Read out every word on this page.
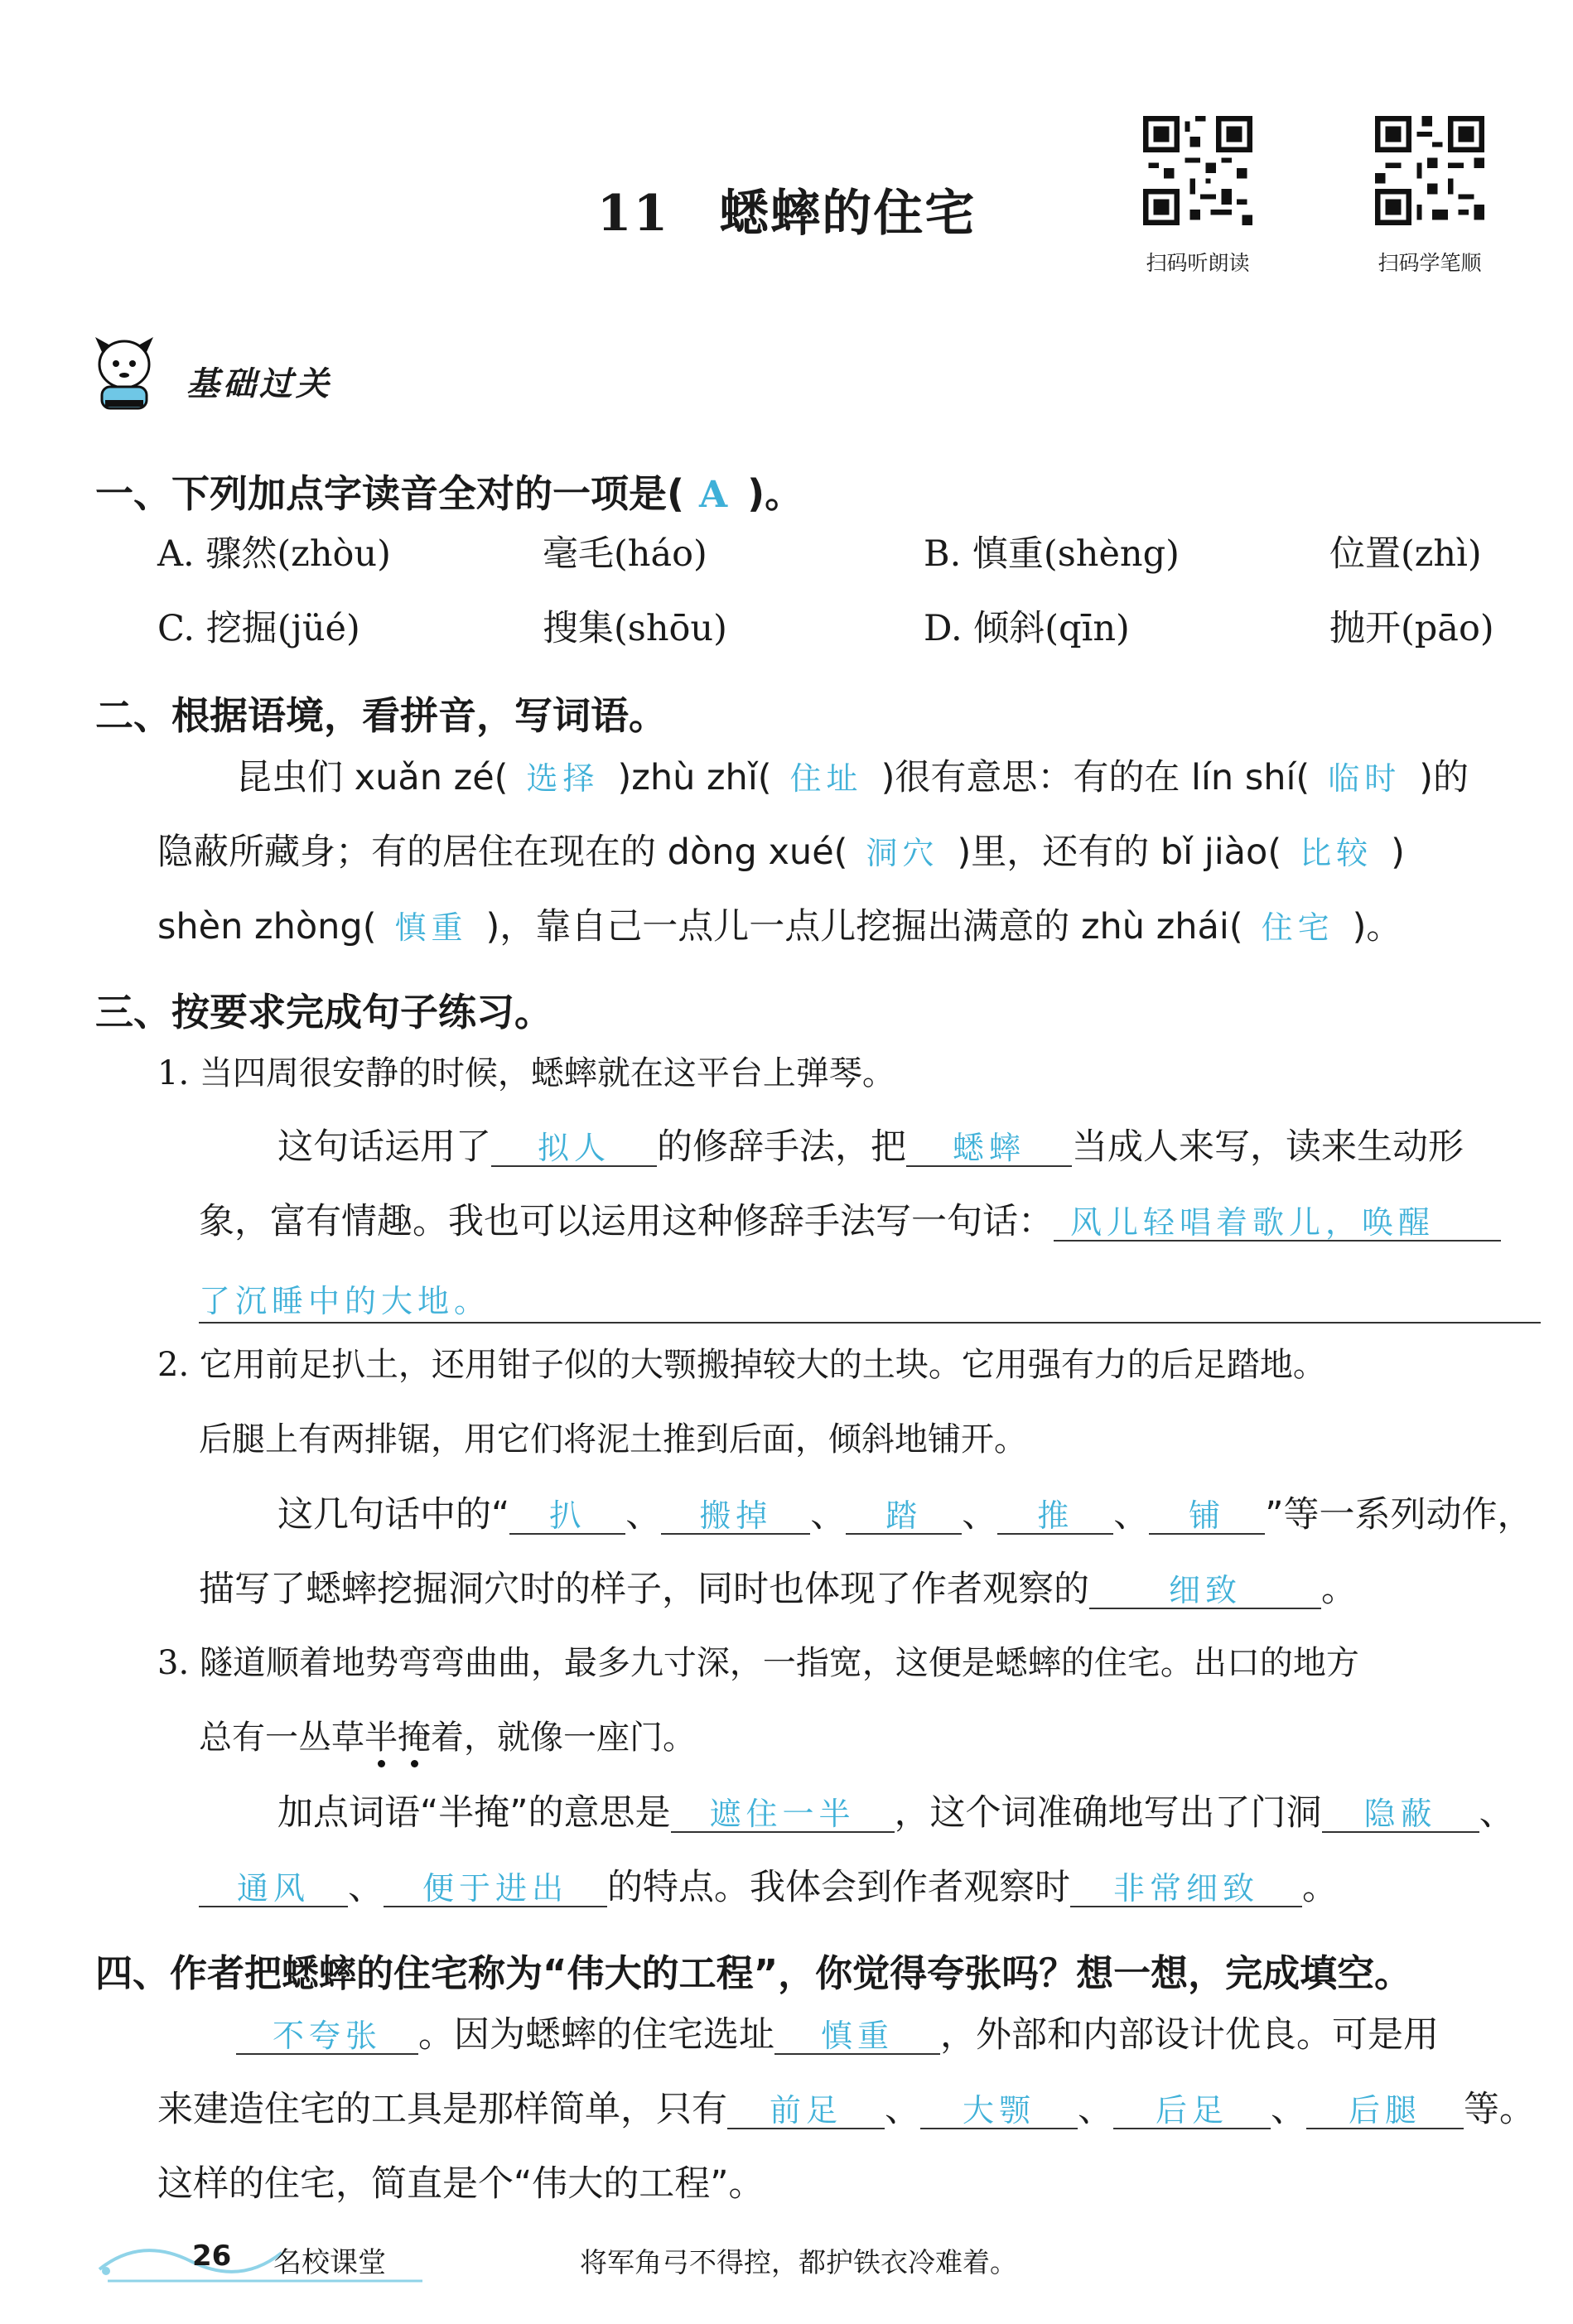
11 蟋蟀的住宅
扫码听朗读	扫码学笔顺
基础过关
一、下列加点字读音全对的一项是( A )。
A. 骤然(zhòu)	毫毛(háo)	B. 慎重(shèng)	位置(zhì)
C. 挖掘(jüé)	搜集(shōu)	D. 倾斜(qīn)	抛开(pāo)
二、根据语境，看拼音，写词语。
昆虫们 xuǎn zé( 选择 )zhù zhǐ( 住址 )很有意思：有的在 lín shí( 临时 )的
隐蔽所藏身；有的居住在现在的 dòng xué( 洞穴 )里，还有的 bǐ jiào( 比较 )
shèn zhòng( 慎重 )，靠自己一点儿一点儿挖掘出满意的 zhù zhái( 住宅 )。
三、按要求完成句子练习。
1. 当四周很安静的时候，蟋蟀就在这平台上弹琴。
这句话运用了 拟人 的修辞手法，把 蟋蟀 当成人来写，读来生动形
象，富有情趣。我也可以运用这种修辞手法写一句话： 风儿轻唱着歌儿，唤醒
了沉睡中的大地。
2. 它用前足扒土，还用钳子似的大颚搬掉较大的土块。它用强有力的后足踏地。
后腿上有两排锯，用它们将泥土推到后面，倾斜地铺开。
这几句话中的“ 扒 、 搬掉 、 踏 、 推 、 铺 ”等一系列动作，
描写了蟋蟀挖掘洞穴时的样子，同时也体现了作者观察的	细致 。
3. 隧道顺着地势弯弯曲曲，最多九寸深，一指宽，这便是蟋蟀的住宅。出口的地方
总有一丛草半掩着，就像一座门。
加点词语“半掩”的意思是 遮住一半 ，这个词准确地写出了门洞 隐蔽 、
通风 、 便于进出 的特点。我体会到作者观察时 非常细致 。
四、作者把蟋蟀的住宅称为“伟大的工程”，你觉得夸张吗？想一想，完成填空。
不夸张 。因为蟋蟀的住宅选址 慎重 ，外部和内部设计优良。可是用
来建造住宅的工具是那样简单，只有 前足 、 大颚 、 后足 、 后腿 等。
这样的住宅，简直是个“伟大的工程”。
26 名校课堂	将军角弓不得控，都护铁衣冷难着。
